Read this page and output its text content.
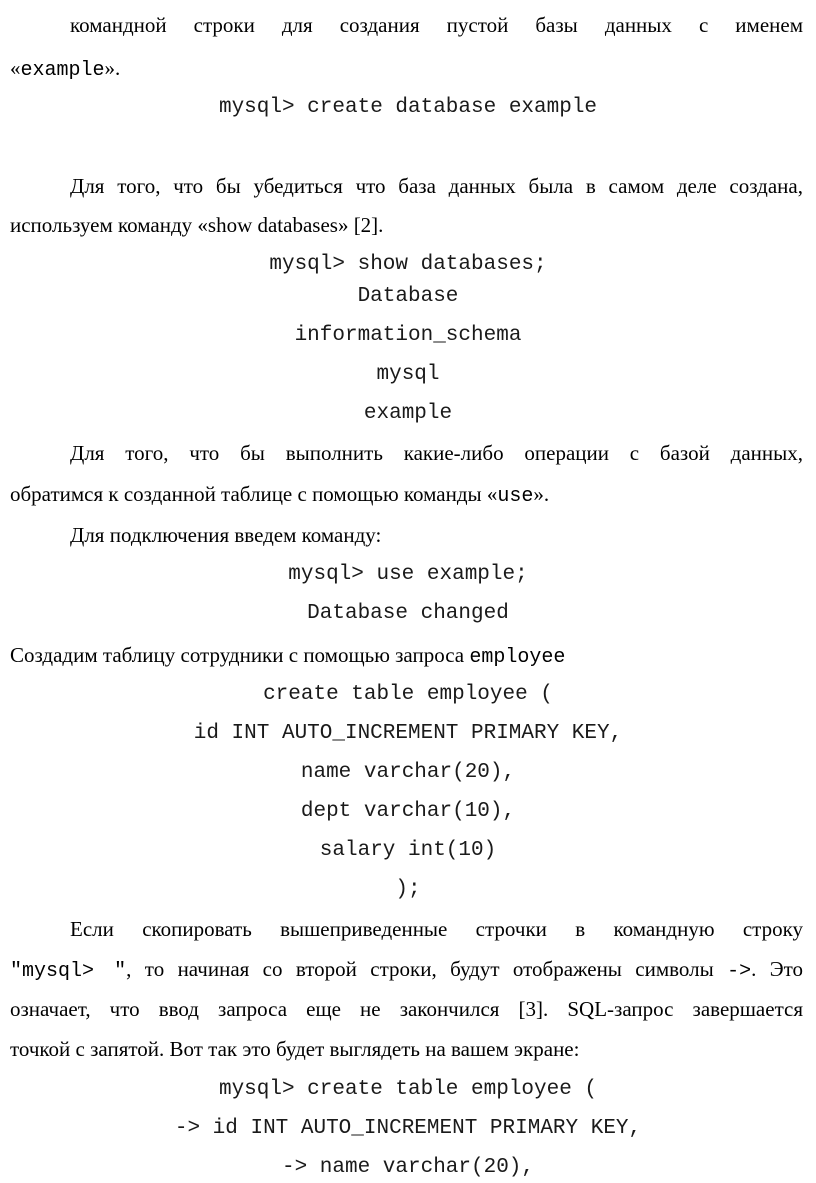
командной строки для создания пустой базы данных с именем
«example».
mysql> create database example
Для того, что бы убедиться что база данных была в самом деле создана,
используем команду «show databases» [2].
mysql> show databases;
Database
information_schema
mysql
example
Для того, что бы выполнить какие-либо операции с базой данных,
обратимся к созданной таблице с помощью команды «use».
Для подключения введем команду:
mysql> use example;
Database changed
Создадим таблицу сотрудники с помощью запроса employee
create table employee (
id INT AUTO_INCREMENT PRIMARY KEY,
name varchar(20),
dept varchar(10),
salary int(10)
);
Если скопировать вышеприведенные строчки в командную строку
"mysql> ", то начиная со второй строки, будут отображены символы ->. Это
означает, что ввод запроса еще не закончился [3]. SQL-запрос завершается
точкой с запятой. Вот так это будет выглядеть на вашем экране:
mysql> create table employee (
-> id INT AUTO_INCREMENT PRIMARY KEY,
-> name varchar(20),
